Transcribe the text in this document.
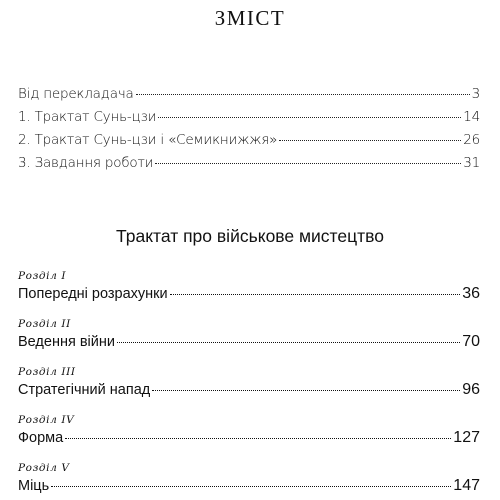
ЗМІСТ
Від перекладача	3
1. Трактат Сунь-цзи	14
2. Трактат Сунь-цзи і «Семикнижжя»	26
3. Завдання роботи	31
Трактат про військове мистецтво
Розділ I
Попередні розрахунки	36
Розділ II
Ведення війни	70
Розділ III
Стратегічний напад	96
Розділ IV
Форма	127
Розділ V
Міць	147
